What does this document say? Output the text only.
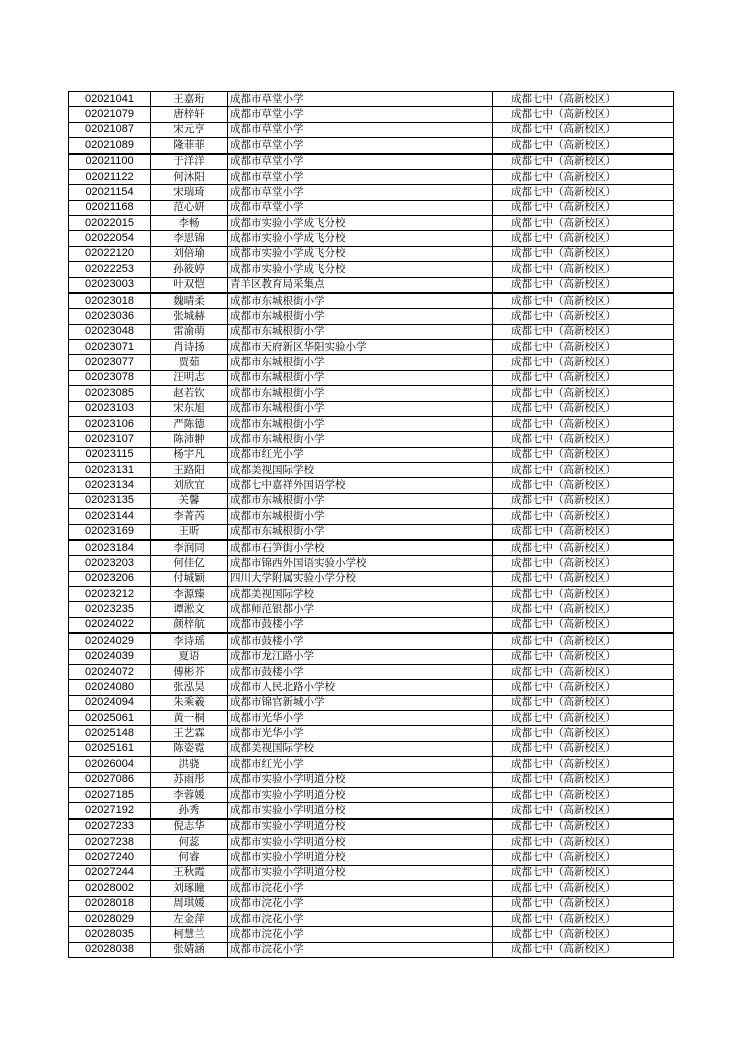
02021041	王嘉珩	成都市草堂小学	成都七中（高新校区）
02021079	唐梓轩	成都市草堂小学	成都七中（高新校区）
02021087	宋元亨	成都市草堂小学	成都七中（高新校区）
02021089	隆菲菲	成都市草堂小学	成都七中（高新校区）
02021100	于洋洋	成都市草堂小学	成都七中（高新校区）
02021122	何沐阳	成都市草堂小学	成都七中（高新校区）
02021154	宋瑞琦	成都市草堂小学	成都七中（高新校区）
02021168	范心妍	成都市草堂小学	成都七中（高新校区）
02022015	李畅	成都市实验小学成飞分校	成都七中（高新校区）
02022054	李思锦	成都市实验小学成飞分校	成都七中（高新校区）
02022120	刘倍瑜	成都市实验小学成飞分校	成都七中（高新校区）
02022253	孙筱婷	成都市实验小学成飞分校	成都七中（高新校区）
02023003	叶双恺	青羊区教育局采集点	成都七中（高新校区）
02023018	魏晴柔	成都市东城根街小学	成都七中（高新校区）
02023036	张城赫	成都市东城根街小学	成都七中（高新校区）
02023048	雷渝萌	成都市东城根街小学	成都七中（高新校区）
02023071	肖诗扬	成都市天府新区华阳实验小学	成都七中（高新校区）
02023077	贾茹	成都市东城根街小学	成都七中（高新校区）
02023078	汪明志	成都市东城根街小学	成都七中（高新校区）
02023085	赵若钦	成都市东城根街小学	成都七中（高新校区）
02023103	宋东旭	成都市东城根街小学	成都七中（高新校区）
02023106	严陈德	成都市东城根街小学	成都七中（高新校区）
02023107	陈沛翀	成都市东城根街小学	成都七中（高新校区）
02023115	杨宇凡	成都市红光小学	成都七中（高新校区）
02023131	王路阳	成都美视国际学校	成都七中（高新校区）
02023134	刘欣宜	成都七中嘉祥外国语学校	成都七中（高新校区）
02023135	关馨	成都市东城根街小学	成都七中（高新校区）
02023144	李菁芮	成都市东城根街小学	成都七中（高新校区）
02023169	王昕	成都市东城根街小学	成都七中（高新校区）
02023184	李润同	成都市石笋街小学校	成都七中（高新校区）
02023203	何佳亿	成都市锦西外国语实验小学校	成都七中（高新校区）
02023206	付城颖	四川大学附属实验小学分校	成都七中（高新校区）
02023212	李源臻	成都美视国际学校	成都七中（高新校区）
02023235	谭淞文	成都师范银都小学	成都七中（高新校区）
02024022	颜梓航	成都市鼓楼小学	成都七中（高新校区）
02024029	李诗瑶	成都市鼓楼小学	成都七中（高新校区）
02024039	夏语	成都市龙江路小学	成都七中（高新校区）
02024072	傅彬芥	成都市鼓楼小学	成都七中（高新校区）
02024080	张泓昊	成都市人民北路小学校	成都七中（高新校区）
02024094	朱乘羲	成都市锦官新城小学	成都七中（高新校区）
02025061	黄一桐	成都市光华小学	成都七中（高新校区）
02025148	王艺霖	成都市光华小学	成都七中（高新校区）
02025161	陈姿霓	成都美视国际学校	成都七中（高新校区）
02026004	洪骁	成都市红光小学	成都七中（高新校区）
02027086	苏雨彤	成都市实验小学明道分校	成都七中（高新校区）
02027185	李蓉媛	成都市实验小学明道分校	成都七中（高新校区）
02027192	孙秀	成都市实验小学明道分校	成都七中（高新校区）
02027233	倪志华	成都市实验小学明道分校	成都七中（高新校区）
02027238	何蕊	成都市实验小学明道分校	成都七中（高新校区）
02027240	何睿	成都市实验小学明道分校	成都七中（高新校区）
02027244	王秋霞	成都市实验小学明道分校	成都七中（高新校区）
02028002	刘琢瞳	成都市浣花小学	成都七中（高新校区）
02028018	周琪媛	成都市浣花小学	成都七中（高新校区）
02028029	左金萍	成都市浣花小学	成都七中（高新校区）
02028035	柯慧兰	成都市浣花小学	成都七中（高新校区）
02028038	张婧涵	成都市浣花小学	成都七中（高新校区）
